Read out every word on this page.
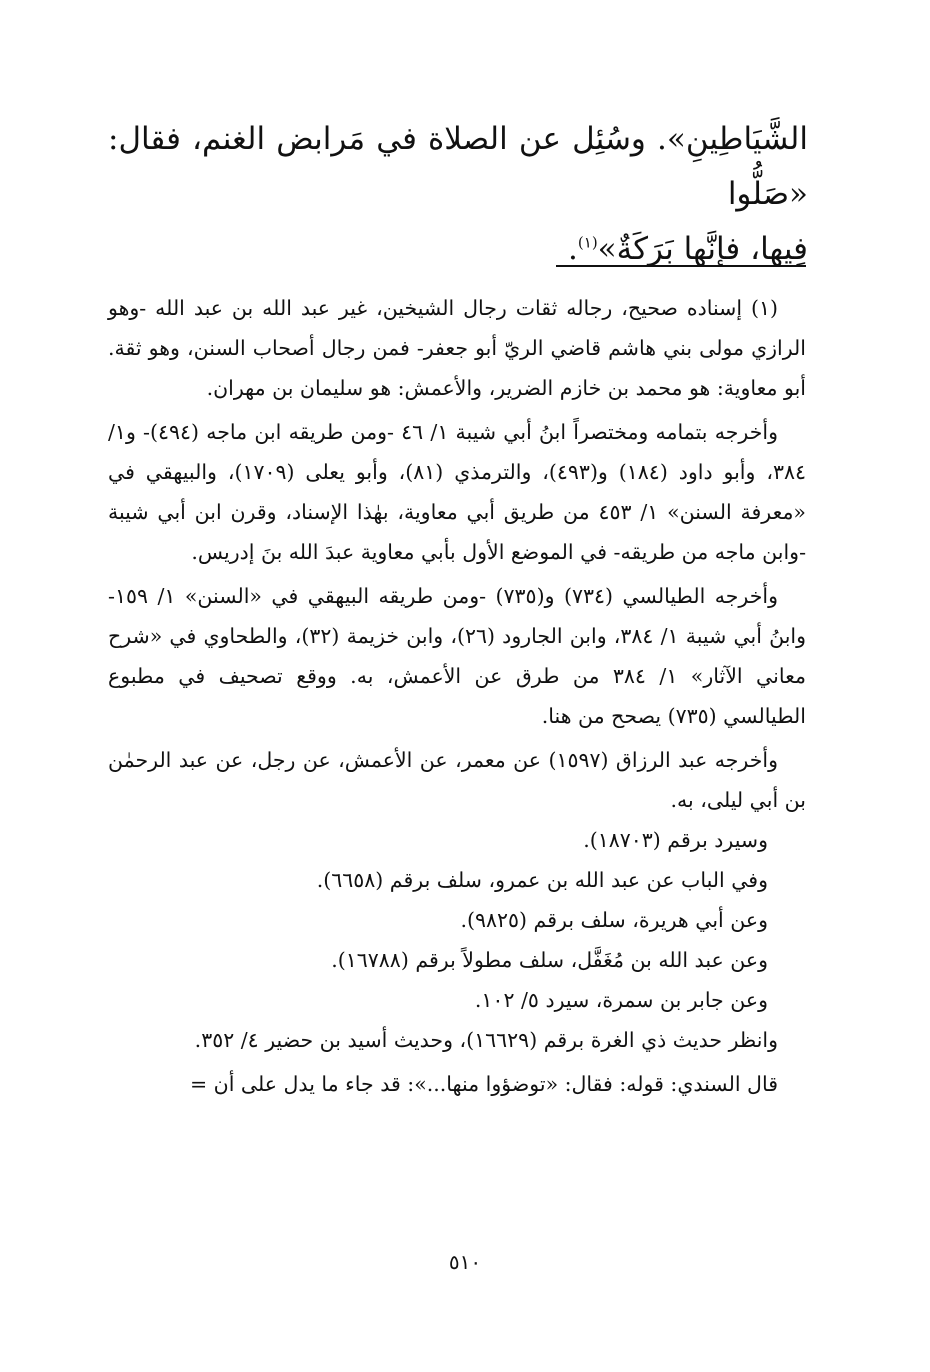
الشَّيَاطِينِ». وسُئِل عن الصلاة في مَرابض الغنم، فقال: «صَلُّوا

فِيها، فإنَّها بَرَكَةٌ»$^{(١)}$.

(١) إسناده صحيح، رجاله ثقات رجال الشيخين، غير عبد الله بن عبد الله -وهو الرازي مولى بني هاشم قاضي الريّ أبو جعفر- فمن رجال أصحاب السنن، وهو ثقة. أبو معاوية: هو محمد بن خازم الضرير، والأعمش: هو سليمان بن مهران.

وأخرجه بتمامه ومختصراً ابنُ أبي شيبة ١/ ٤٦ -ومن طريقه ابن ماجه (٤٩٤)- و١/ ٣٨٤، وأبو داود (١٨٤) و(٤٩٣)، والترمذي (٨١)، وأبو يعلى (١٧٠٩)، والبيهقي في «معرفة السنن» ١/ ٤٥٣ من طريق أبي معاوية، بهٰذا الإسناد، وقرن ابن أبي شيبة -وابن ماجه من طريقه- في الموضع الأول بأبي معاوية عبدَ الله بنَ إدريس.

وأخرجه الطيالسي (٧٣٤) و(٧٣٥) -ومن طريقه البيهقي في «السنن» ١/ ١٥٩- وابنُ أبي شيبة ١/ ٣٨٤، وابن الجارود (٢٦)، وابن خزيمة (٣٢)، والطحاوي في «شرح معاني الآثار» ١/ ٣٨٤ من طرق عن الأعمش، به. ووقع تصحيف في مطبوع الطيالسي (٧٣٥) يصحح من هنا.

وأخرجه عبد الرزاق (١٥٩٧) عن معمر، عن الأعمش، عن رجل، عن عبد الرحمٰن بن أبي ليلى، به.

وسيرد برقم (١٨٧٠٣).

وفي الباب عن عبد الله بن عمرو، سلف برقم (٦٦٥٨).

وعن أبي هريرة، سلف برقم (٩٨٢٥).

وعن عبد الله بن مُغَفَّل، سلف مطولاً برقم (١٦٧٨٨).

وعن جابر بن سمرة، سيرد ٥/ ١٠٢.

وانظر حديث ذي الغرة برقم (١٦٦٢٩)، وحديث أسيد بن حضير ٤/ ٣٥٢.

قال السندي: قوله: فقال: «توضؤوا منها...»: قد جاء ما يدل على أن =

٥١٠
